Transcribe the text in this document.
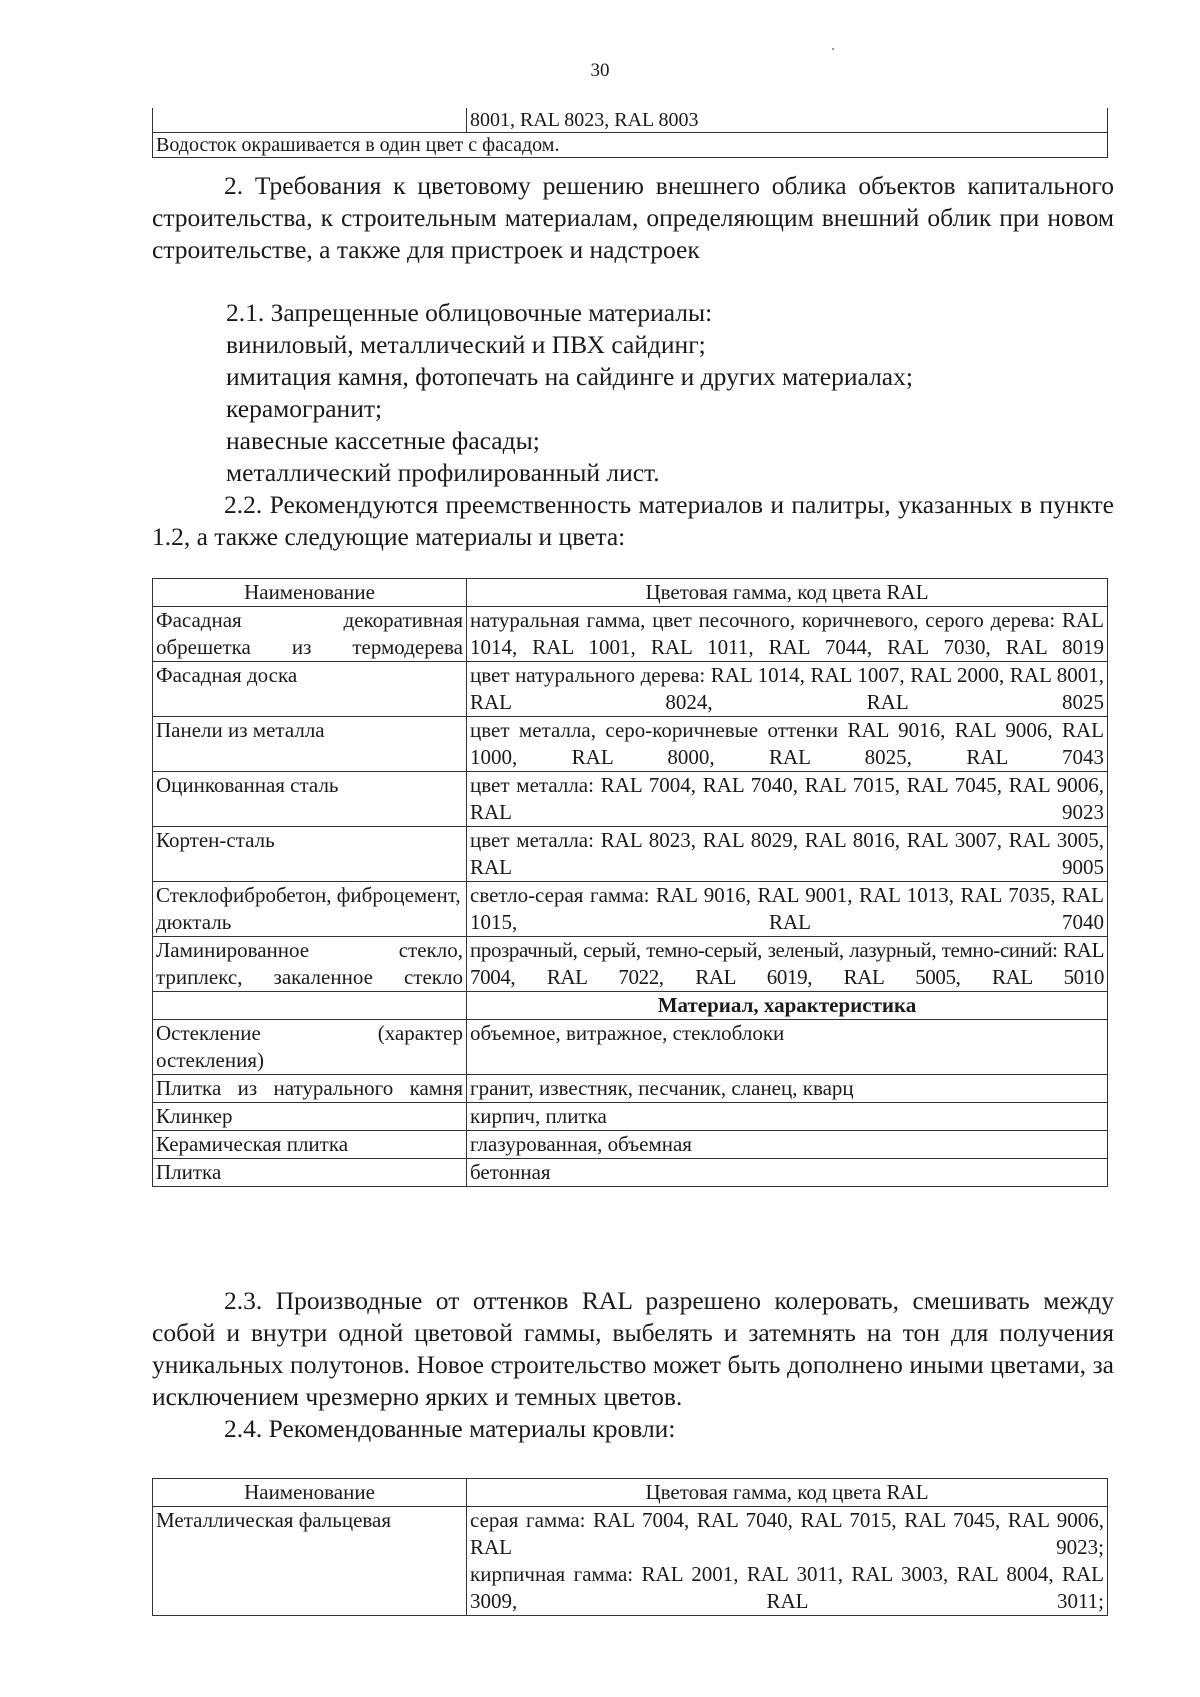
30
	8001, RAL 8023, RAL 8003
Водосток окрашивается в один цвет с фасадом.
2. Требования к цветовому решению внешнего облика объектов капитального строительства, к строительным материалам, определяющим внешний облик при новом строительстве, а также для пристроек и надстроек
2.1. Запрещенные облицовочные материалы:
виниловый, металлический и ПВХ сайдинг;
имитация камня, фотопечать на сайдинге и других материалах;
керамогранит;
навесные кассетные фасады;
металлический профилированный лист.
2.2. Рекомендуются преемственность материалов и палитры, указанных в пункте 1.2, а также следующие материалы и цвета:
Наименование	Цветовая гамма, код цвета RAL
Фасадная декоративная обрешетка из термодерева	натуральная гамма, цвет песочного, коричневого, серого дерева: RAL 1014, RAL 1001, RAL 1011, RAL 7044, RAL 7030, RAL 8019
Фасадная доска	цвет натурального дерева: RAL 1014, RAL 1007, RAL 2000, RAL 8001, RAL 8024, RAL 8025
Панели из металла	цвет металла, серо-коричневые оттенки RAL 9016, RAL 9006, RAL 1000, RAL 8000, RAL 8025, RAL 7043
Оцинкованная сталь	цвет металла: RAL 7004, RAL 7040, RAL 7015, RAL 7045, RAL 9006, RAL 9023
Кортен-сталь	цвет металла: RAL 8023, RAL 8029, RAL 8016, RAL 3007, RAL 3005, RAL 9005
Стеклофибробетон, фиброцемент, дюкталь	светло-серая гамма: RAL 9016, RAL 9001, RAL 1013, RAL 7035, RAL 1015, RAL 7040
Ламинированное стекло, триплекс, закаленное стекло	прозрачный, серый, темно-серый, зеленый, лазурный, темно-синий: RAL 7004, RAL 7022, RAL 6019, RAL 5005, RAL 5010
	Материал, характеристика
Остекление (характер остекления)	объемное, витражное, стеклоблоки
Плитка из натурального камня	гранит, известняк, песчаник, сланец, кварц
Клинкер	кирпич, плитка
Керамическая плитка	глазурованная, объемная
Плитка	бетонная
2.3. Производные от оттенков RAL разрешено колеровать, смешивать между собой и внутри одной цветовой гаммы, выбелять и затемнять на тон для получения уникальных полутонов. Новое строительство может быть дополнено иными цветами, за исключением чрезмерно ярких и темных цветов.
2.4. Рекомендованные материалы кровли:
Наименование	Цветовая гамма, код цвета RAL
Металлическая фальцевая	серая гамма: RAL 7004, RAL 7040, RAL 7015, RAL 7045, RAL 9006, RAL 9023;
кирпичная гамма: RAL 2001, RAL 3011, RAL 3003, RAL 8004, RAL 3009, RAL 3011;
